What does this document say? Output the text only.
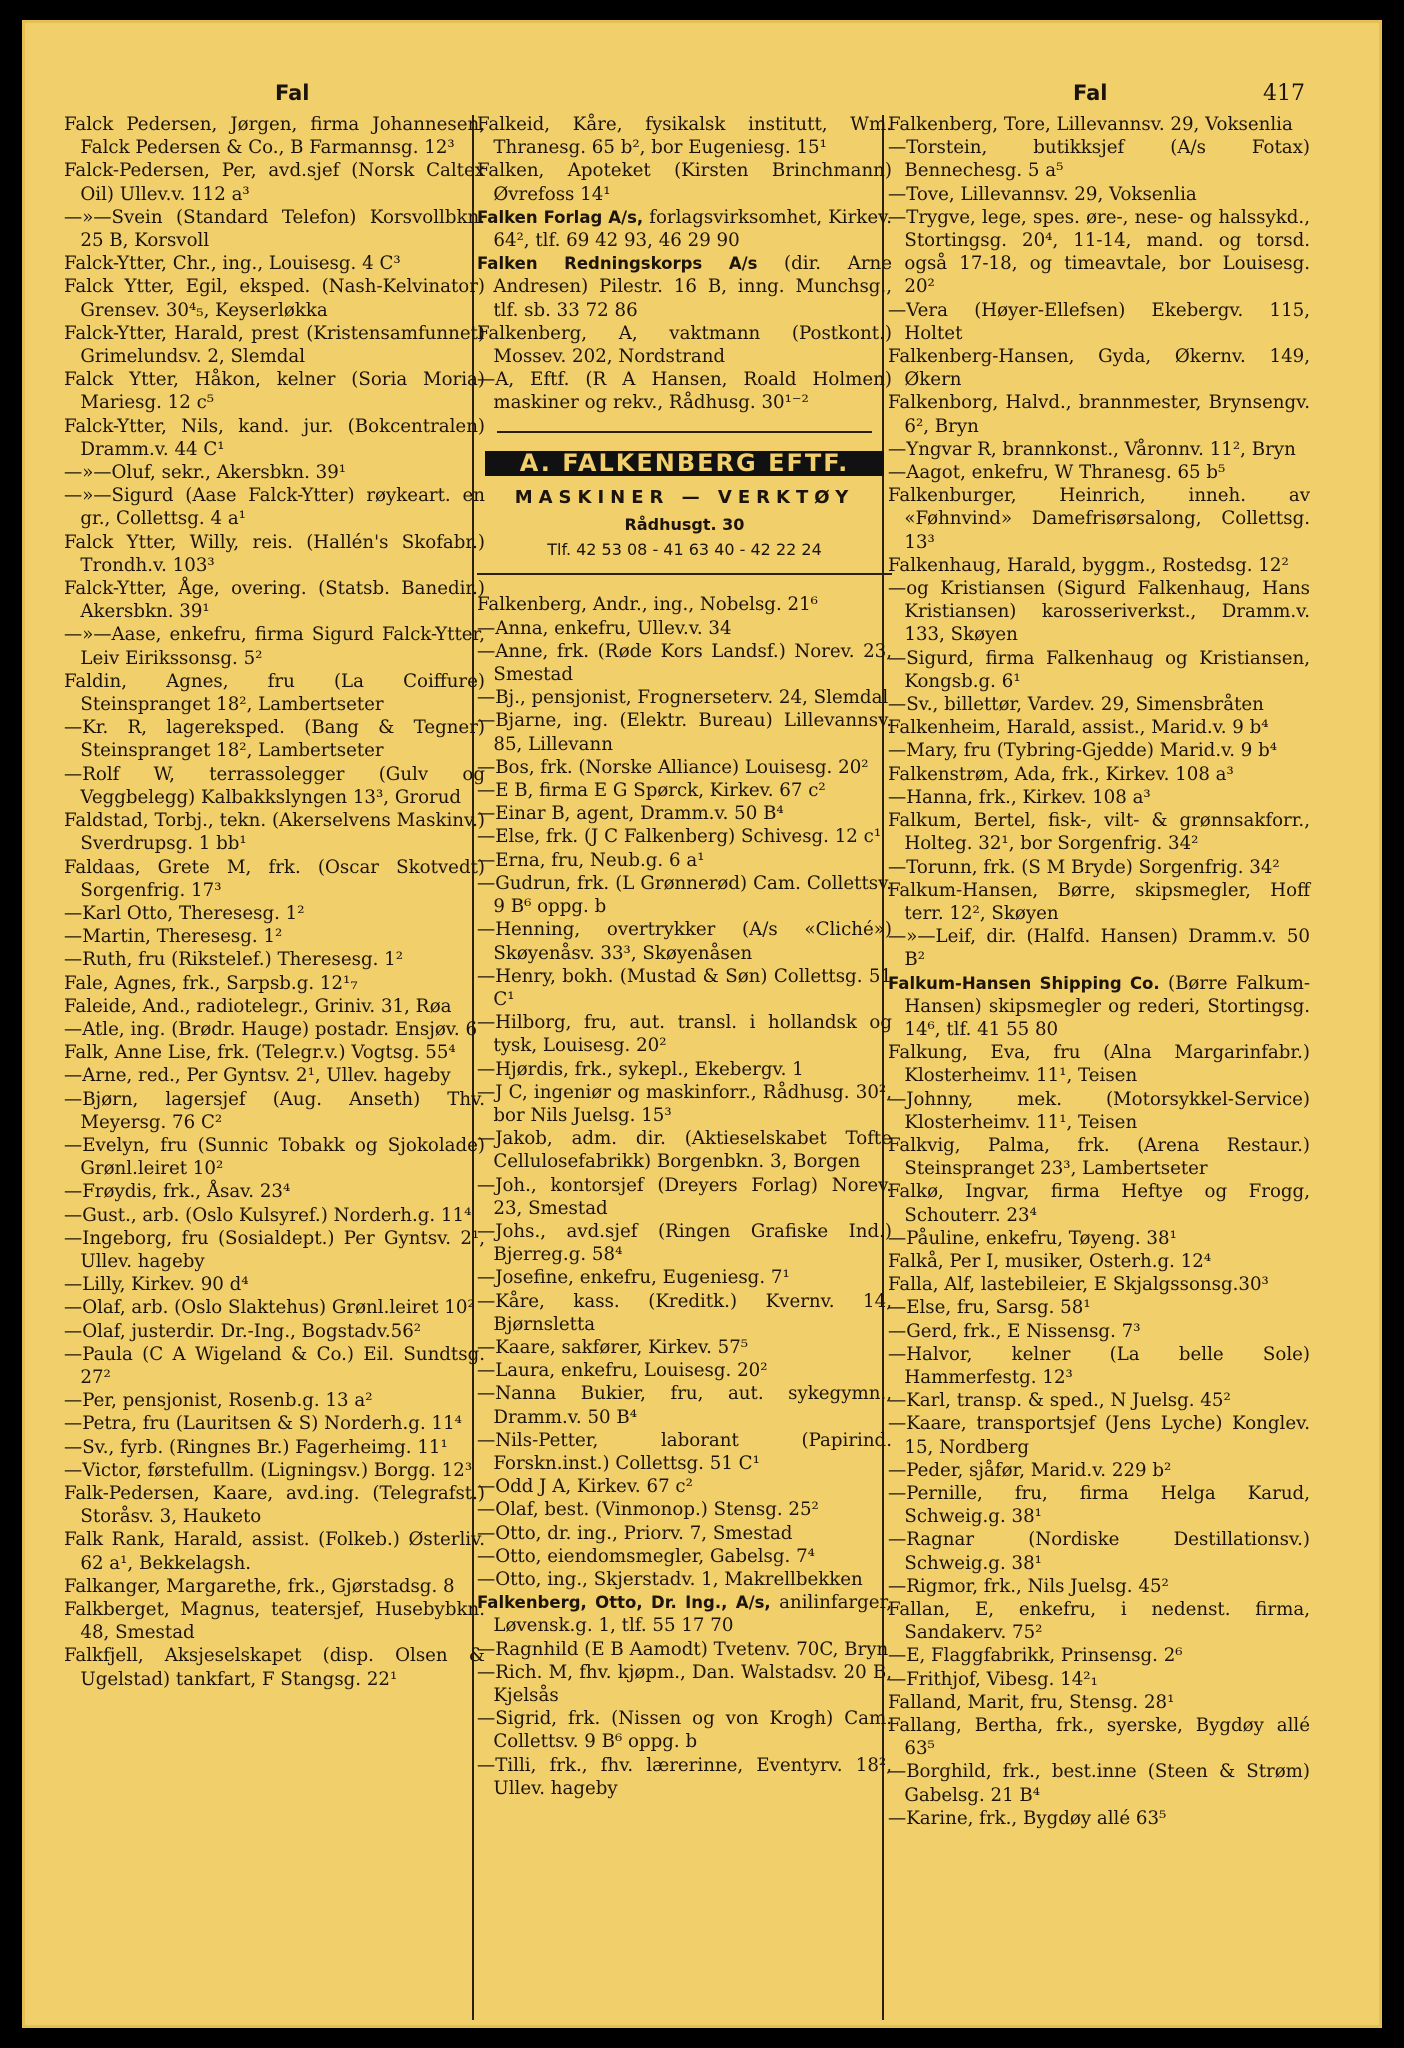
Fal	Fal	417

Falck Pedersen, Jørgen, firma Johannesen, Falck Pedersen & Co., B Farmannsg. 12³

Falck-Pedersen, Per, avd.sjef (Norsk Caltex Oil) Ullev.v. 112 a³

—»—Svein (Standard Telefon) Korsvollbkn. 25 B, Korsvoll

Falck-Ytter, Chr., ing., Louisesg. 4 C³

Falck Ytter, Egil, eksped. (Nash-Kelvinator) Grensev. 30⁴₅, Keyserløkka

Falck-Ytter, Harald, prest (Kristensamfunnet) Grimelundsv. 2, Slemdal

Falck Ytter, Håkon, kelner (Soria Moria) Mariesg. 12 c⁵

Falck-Ytter, Nils, kand. jur. (Bokcentralen) Dramm.v. 44 C¹

—»—Oluf, sekr., Akersbkn. 39¹

—»—Sigurd (Aase Falck-Ytter) røykeart. en gr., Collettsg. 4 a¹

Falck Ytter, Willy, reis. (Hallén's Skofabr.) Trondh.v. 103³

Falck-Ytter, Åge, overing. (Statsb. Banedir.) Akersbkn. 39¹

—»—Aase, enkefru, firma Sigurd Falck-Ytter, Leiv Eirikssonsg. 5²

Faldin, Agnes, fru (La Coiffure) Steinspranget 18², Lambertseter

—Kr. R, lagereksped. (Bang & Tegner) Steinspranget 18², Lambertseter

—Rolf W, terrassolegger (Gulv og Veggbelegg) Kalbakkslyngen 13³, Grorud

Faldstad, Torbj., tekn. (Akerselvens Maskinv.) Sverdrupsg. 1 bb¹

Faldaas, Grete M, frk. (Oscar Skotvedt) Sorgenfrig. 17³

—Karl Otto, Theresesg. 1²

—Martin, Theresesg. 1²

—Ruth, fru (Rikstelef.) Theresesg. 1²

Fale, Agnes, frk., Sarpsb.g. 12¹₇

Faleide, And., radiotelegr., Griniv. 31, Røa

—Atle, ing. (Brødr. Hauge) postadr. Ensjøv. 6

Falk, Anne Lise, frk. (Telegr.v.) Vogtsg. 55⁴

—Arne, red., Per Gyntsv. 2¹, Ullev. hageby

—Bjørn, lagersjef (Aug. Anseth) Thv. Meyersg. 76 C²

—Evelyn, fru (Sunnic Tobakk og Sjokolade) Grønl.leiret 10²

—Frøydis, frk., Åsav. 23⁴

—Gust., arb. (Oslo Kulsyref.) Norderh.g. 11⁴

—Ingeborg, fru (Sosialdept.) Per Gyntsv. 2¹, Ullev. hageby

—Lilly, Kirkev. 90 d⁴

—Olaf, arb. (Oslo Slaktehus) Grønl.leiret 10²

—Olaf, justerdir. Dr.-Ing., Bogstadv.56²

—Paula (C A Wigeland & Co.) Eil. Sundtsg. 27²

—Per, pensjonist, Rosenb.g. 13 a²

—Petra, fru (Lauritsen & S) Norderh.g. 11⁴

—Sv., fyrb. (Ringnes Br.) Fagerheimg. 11¹

—Victor, førstefullm. (Ligningsv.) Borgg. 12³

Falk-Pedersen, Kaare, avd.ing. (Telegrafst.) Storåsv. 3, Hauketo

Falk Rank, Harald, assist. (Folkeb.) Østerliv. 62 a¹, Bekkelagsh.

Falkanger, Margarethe, frk., Gjørstadsg. 8

Falkberget, Magnus, teatersjef, Husebybkn. 48, Smestad

Falkfjell, Aksjeselskapet (disp. Olsen & Ugelstad) tankfart, F Stangsg. 22¹

Falkeid, Kåre, fysikalsk institutt, Wm. Thranesg. 65 b², bor Eugeniesg. 15¹

Falken, Apoteket (Kirsten Brinchmann) Øvrefoss 14¹

Falken Forlag A/s, forlagsvirksomhet, Kirkev. 64², tlf. 69 42 93, 46 29 90

Falken Redningskorps A/s (dir. Arne Andresen) Pilestr. 16 B, inng. Munchsg., tlf. sb. 33 72 86

Falkenberg, A, vaktmann (Postkont.) Mossev. 202, Nordstrand

—A, Eftf. (R A Hansen, Roald Holmen) maskiner og rekv., Rådhusg. 30¹⁻²

A. FALKENBERG EFTF.
MASKINER — VERKTØY
Rådhusgt. 30
Tlf. 42 53 08 - 41 63 40 - 42 22 24

Falkenberg, Andr., ing., Nobelsg. 21⁶

—Anna, enkefru, Ullev.v. 34

—Anne, frk. (Røde Kors Landsf.) Norev. 23, Smestad

—Bj., pensjonist, Frognerseterv. 24, Slemdal

—Bjarne, ing. (Elektr. Bureau) Lillevannsv. 85, Lillevann

—Bos, frk. (Norske Alliance) Louisesg. 20²

—E B, firma E G Spørck, Kirkev. 67 c²

—Einar B, agent, Dramm.v. 50 B⁴

—Else, frk. (J C Falkenberg) Schivesg. 12 c¹

—Erna, fru, Neub.g. 6 a¹

—Gudrun, frk. (L Grønnerød) Cam. Collettsv. 9 B⁶ oppg. b

—Henning, overtrykker (A/s «Cliché») Skøyenåsv. 33³, Skøyenåsen

—Henry, bokh. (Mustad & Søn) Collettsg. 51 C¹

—Hilborg, fru, aut. transl. i hollandsk og tysk, Louisesg. 20²

—Hjørdis, frk., sykepl., Ekebergv. 1

—J C, ingeniør og maskinforr., Rådhusg. 30², bor Nils Juelsg. 15³

—Jakob, adm. dir. (Aktieselskabet Tofte Cellulosefabrikk) Borgenbkn. 3, Borgen

—Joh., kontorsjef (Dreyers Forlag) Norev. 23, Smestad

—Johs., avd.sjef (Ringen Grafiske Ind.) Bjerreg.g. 58⁴

—Josefine, enkefru, Eugeniesg. 7¹

—Kåre, kass. (Kreditk.) Kvernv. 14, Bjørnsletta

—Kaare, sakfører, Kirkev. 57⁵

—Laura, enkefru, Louisesg. 20²

—Nanna Bukier, fru, aut. sykegymn., Dramm.v. 50 B⁴

—Nils-Petter, laborant (Papirind. Forskn.inst.) Collettsg. 51 C¹

—Odd J A, Kirkev. 67 c²

—Olaf, best. (Vinmonop.) Stensg. 25²

—Otto, dr. ing., Priorv. 7, Smestad

—Otto, eiendomsmegler, Gabelsg. 7⁴

—Otto, ing., Skjerstadv. 1, Makrellbekken

Falkenberg, Otto, Dr. Ing., A/s, anilinfarger, Løvensk.g. 1, tlf. 55 17 70

—Ragnhild (E B Aamodt) Tvetenv. 70C, Bryn

—Rich. M, fhv. kjøpm., Dan. Walstadsv. 20 B, Kjelsås

—Sigrid, frk. (Nissen og von Krogh) Cam. Collettsv. 9 B⁶ oppg. b

—Tilli, frk., fhv. lærerinne, Eventyrv. 18², Ullev. hageby

Falkenberg, Tore, Lillevannsv. 29, Voksenlia

—Torstein, butikksjef (A/s Fotax) Bennechesg. 5 a⁵

—Tove, Lillevannsv. 29, Voksenlia

—Trygve, lege, spes. øre-, nese- og halssykd., Stortingsg. 20⁴, 11-14, mand. og torsd. også 17-18, og timeavtale, bor Louisesg. 20²

—Vera (Høyer-Ellefsen) Ekebergv. 115, Holtet

Falkenberg-Hansen, Gyda, Økernv. 149, Økern

Falkenborg, Halvd., brannmester, Brynsengv. 6², Bryn

—Yngvar R, brannkonst., Våronnv. 11², Bryn

—Aagot, enkefru, W Thranesg. 65 b⁵

Falkenburger, Heinrich, inneh. av «Føhnvind» Damefrisørsalong, Collettsg. 13³

Falkenhaug, Harald, byggm., Rostedsg. 12²

—og Kristiansen (Sigurd Falkenhaug, Hans Kristiansen) karosseriverkst., Dramm.v. 133, Skøyen

—Sigurd, firma Falkenhaug og Kristiansen, Kongsb.g. 6¹

—Sv., billettør, Vardev. 29, Simensbråten

Falkenheim, Harald, assist., Marid.v. 9 b⁴

—Mary, fru (Tybring-Gjedde) Marid.v. 9 b⁴

Falkenstrøm, Ada, frk., Kirkev. 108 a³

—Hanna, frk., Kirkev. 108 a³

Falkum, Bertel, fisk-, vilt- & grønnsakforr., Holteg. 32¹, bor Sorgenfrig. 34²

—Torunn, frk. (S M Bryde) Sorgenfrig. 34²

Falkum-Hansen, Børre, skipsmegler, Hoff terr. 12², Skøyen

—»—Leif, dir. (Halfd. Hansen) Dramm.v. 50 B²

Falkum-Hansen Shipping Co. (Børre Falkum-Hansen) skipsmegler og rederi, Stortingsg. 14⁶, tlf. 41 55 80

Falkung, Eva, fru (Alna Margarinfabr.) Klosterheimv. 11¹, Teisen

—Johnny, mek. (Motorsykkel-Service) Klosterheimv. 11¹, Teisen

Falkvig, Palma, frk. (Arena Restaur.) Steinspranget 23³, Lambertseter

Falkø, Ingvar, firma Heftye og Frogg, Schouterr. 23⁴

—Påuline, enkefru, Tøyeng. 38¹

Falkå, Per I, musiker, Osterh.g. 12⁴

Falla, Alf, lastebileier, E Skjalgssonsg.30³

—Else, fru, Sarsg. 58¹

—Gerd, frk., E Nissensg. 7³

—Halvor, kelner (La belle Sole) Hammerfestg. 12³

—Karl, transp. & sped., N Juelsg. 45²

—Kaare, transportsjef (Jens Lyche) Konglev. 15, Nordberg

—Peder, sjåfør, Marid.v. 229 b²

—Pernille, fru, firma Helga Karud, Schweig.g. 38¹

—Ragnar (Nordiske Destillationsv.) Schweig.g. 38¹

—Rigmor, frk., Nils Juelsg. 45²

Fallan, E, enkefru, i nedenst. firma, Sandakerv. 75²

—E, Flaggfabrikk, Prinsensg. 2⁶

—Frithjof, Vibesg. 14²₁

Falland, Marit, fru, Stensg. 28¹

Fallang, Bertha, frk., syerske, Bygdøy allé 63⁵

—Borghild, frk., best.inne (Steen & Strøm) Gabelsg. 21 B⁴

—Karine, frk., Bygdøy allé 63⁵
